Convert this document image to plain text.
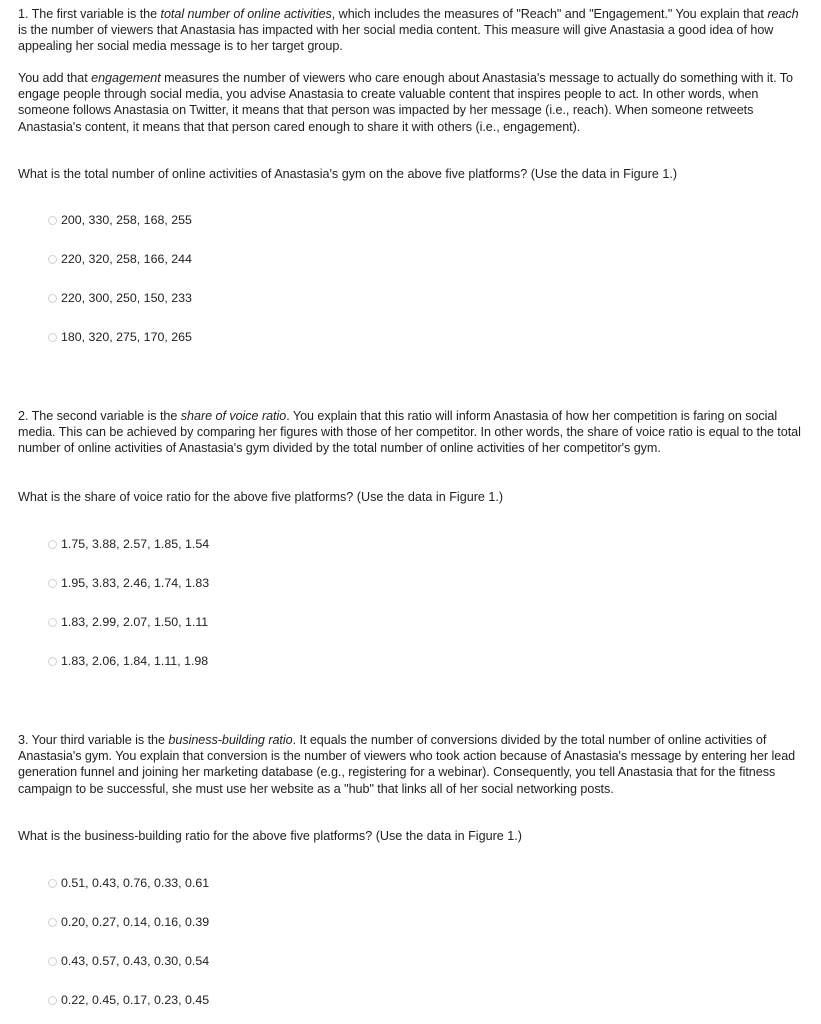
1. The first variable is the total number of online activities, which includes the measures of "Reach" and "Engagement." You explain that reach is the number of viewers that Anastasia has impacted with her social media content. This measure will give Anastasia a good idea of how appealing her social media message is to her target group.

You add that engagement measures the number of viewers who care enough about Anastasia's message to actually do something with it. To engage people through social media, you advise Anastasia to create valuable content that inspires people to act. In other words, when someone follows Anastasia on Twitter, it means that that person was impacted by her message (i.e., reach). When someone retweets Anastasia's content, it means that that person cared enough to share it with others (i.e., engagement).

What is the total number of online activities of Anastasia's gym on the above five platforms? (Use the data in Figure 1.)

200, 330, 258, 168, 255
220, 320, 258, 166, 244
220, 300, 250, 150, 233
180, 320, 275, 170, 265

2. The second variable is the share of voice ratio. You explain that this ratio will inform Anastasia of how her competition is faring on social media. This can be achieved by comparing her figures with those of her competitor. In other words, the share of voice ratio is equal to the total number of online activities of Anastasia's gym divided by the total number of online activities of her competitor's gym.

What is the share of voice ratio for the above five platforms? (Use the data in Figure 1.)

1.75, 3.88, 2.57, 1.85, 1.54
1.95, 3.83, 2.46, 1.74, 1.83
1.83, 2.99, 2.07, 1.50, 1.11
1.83, 2.06, 1.84, 1.11, 1.98

3. Your third variable is the business-building ratio. It equals the number of conversions divided by the total number of online activities of Anastasia's gym. You explain that conversion is the number of viewers who took action because of Anastasia's message by entering her lead generation funnel and joining her marketing database (e.g., registering for a webinar). Consequently, you tell Anastasia that for the fitness campaign to be successful, she must use her website as a "hub" that links all of her social networking posts.

What is the business-building ratio for the above five platforms? (Use the data in Figure 1.)

0.51, 0.43, 0.76, 0.33, 0.61
0.20, 0.27, 0.14, 0.16, 0.39
0.43, 0.57, 0.43, 0.30, 0.54
0.22, 0.45, 0.17, 0.23, 0.45
